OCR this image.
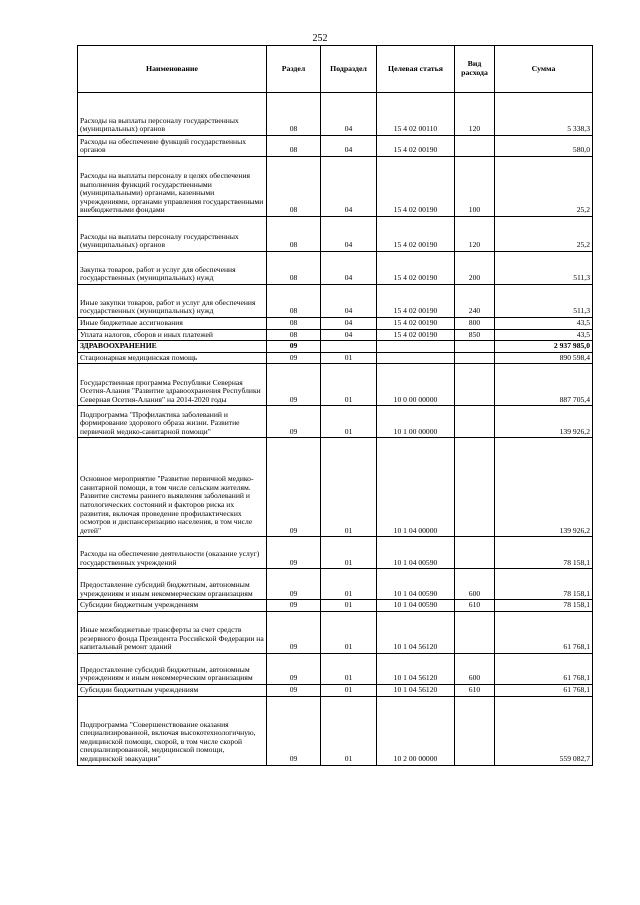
252
Наименование	Раздел	Подраздел	Целевая статья	Вид расхода	Сумма
Расходы на выплаты персоналу государственных (муниципальных) органов	08	04	15 4 02 00110	120	5 338,3
Расходы на обеспечение функций государственных органов	08	04	15 4 02 00190		580,0
Расходы на выплаты персоналу в целях обеспечения выполнения функций государственными (муниципальными) органами, казенными учреждениями, органами управления государственными внебюджетными фондами	08	04	15 4 02 00190	100	25,2
Расходы на выплаты персоналу государственных (муниципальных) органов	08	04	15 4 02 00190	120	25,2
Закупка товаров, работ и услуг для обеспечения государственных (муниципальных) нужд	08	04	15 4 02 00190	200	511,3
Иные закупки товаров, работ и услуг для обеспечения государственных (муниципальных) нужд	08	04	15 4 02 00190	240	511,3
Иные бюджетные ассигнования	08	04	15 4 02 00190	800	43,5
Уплата налогов, сборов и иных платежей	08	04	15 4 02 00190	850	43,5
ЗДРАВООХРАНЕНИЕ	09				2 937 985,0
Стационарная медицинская помощь	09	01			890 598,4
Государственная программа Республики Северная Осетия-Алания "Развитие здравоохранения Республики Северная Осетия-Алания" на 2014-2020 годы	09	01	10 0 00 00000		887 705,4
Подпрограмма "Профилактика заболеваний и формирование здорового образа жизни. Развитие первичной медико-санитарной помощи"	09	01	10 1 00 00000		139 926,2
Основное мероприятие "Развитие первичной медико-санитарной помощи, в том числе сельским жителям. Развитие системы раннего выявления заболеваний и патологических состояний и факторов риска их развития, включая проведение профилактических осмотров и диспансеризацию населения, в том числе детей"	09	01	10 1 04 00000		139 926,2
Расходы на обеспечение деятельности (оказание услуг) государственных учреждений	09	01	10 1 04 00590		78 158,1
Предоставление субсидий бюджетным, автономным учреждениям и иным некоммерческим организациям	09	01	10 1 04 00590	600	78 158,1
Субсидии бюджетным учреждениям	09	01	10 1 04 00590	610	78 158,1
Иные межбюджетные трансферты за счет средств резервного фонда Президента Российской Федерации на капитальный ремонт зданий	09	01	10 1 04 56120		61 768,1
Предоставление субсидий бюджетным, автономным учреждениям и иным некоммерческим организациям	09	01	10 1 04 56120	600	61 768,1
Субсидии бюджетным учреждениям	09	01	10 1 04 56120	610	61 768,1
Подпрограмма "Совершенствование оказания специализированной, включая высокотехнологичную, медицинской помощи, скорой, в том числе скорой специализированной, медицинской помощи, медицинской эвакуации"	09	01	10 2 00 00000		559 082,7
